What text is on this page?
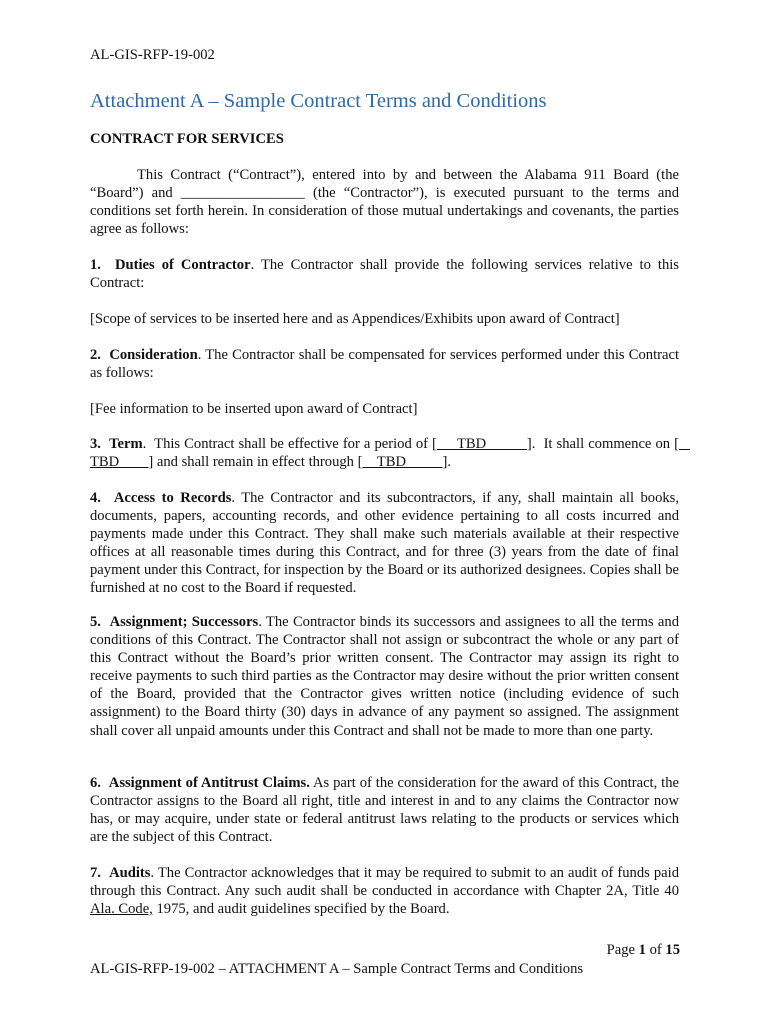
AL-GIS-RFP-19-002
Attachment A – Sample Contract Terms and Conditions
CONTRACT FOR SERVICES

This Contract (“Contract”), entered into by and between the Alabama 911 Board (the “Board”) and _________________ (the “Contractor”), is executed pursuant to the terms and conditions set forth herein. In consideration of those mutual undertakings and covenants, the parties agree as follows:

1. Duties of Contractor. The Contractor shall provide the following services relative to this Contract:

[Scope of services to be inserted here and as Appendices/Exhibits upon award of Contract]

2. Consideration. The Contractor shall be compensated for services performed under this Contract as follows:

[Fee information to be inserted upon award of Contract]

3. Term.  This Contract shall be effective for a period of [     TBD          ].  It shall commence on [   TBD        ] and shall remain in effect through [    TBD          ].

4. Access to Records. The Contractor and its subcontractors, if any, shall maintain all books, documents, papers, accounting records, and other evidence pertaining to all costs incurred and payments made under this Contract. They shall make such materials available at their respective offices at all reasonable times during this Contract, and for three (3) years from the date of final payment under this Contract, for inspection by the Board or its authorized designees. Copies shall be furnished at no cost to the Board if requested.

5. Assignment; Successors. The Contractor binds its successors and assignees to all the terms and conditions of this Contract. The Contractor shall not assign or subcontract the whole or any part of this Contract without the Board’s prior written consent. The Contractor may assign its right to receive payments to such third parties as the Contractor may desire without the prior written consent of the Board, provided that the Contractor gives written notice (including evidence of such assignment) to the Board thirty (30) days in advance of any payment so assigned. The assignment shall cover all unpaid amounts under this Contract and shall not be made to more than one party.

6. Assignment of Antitrust Claims. As part of the consideration for the award of this Contract, the Contractor assigns to the Board all right, title and interest in and to any claims the Contractor now has, or may acquire, under state or federal antitrust laws relating to the products or services which are the subject of this Contract.

7. Audits. The Contractor acknowledges that it may be required to submit to an audit of funds paid through this Contract. Any such audit shall be conducted in accordance with Chapter 2A, Title 40 Ala. Code, 1975, and audit guidelines specified by the Board.

Page 1 of 15
AL-GIS-RFP-19-002 – ATTACHMENT A – Sample Contract Terms and Conditions
